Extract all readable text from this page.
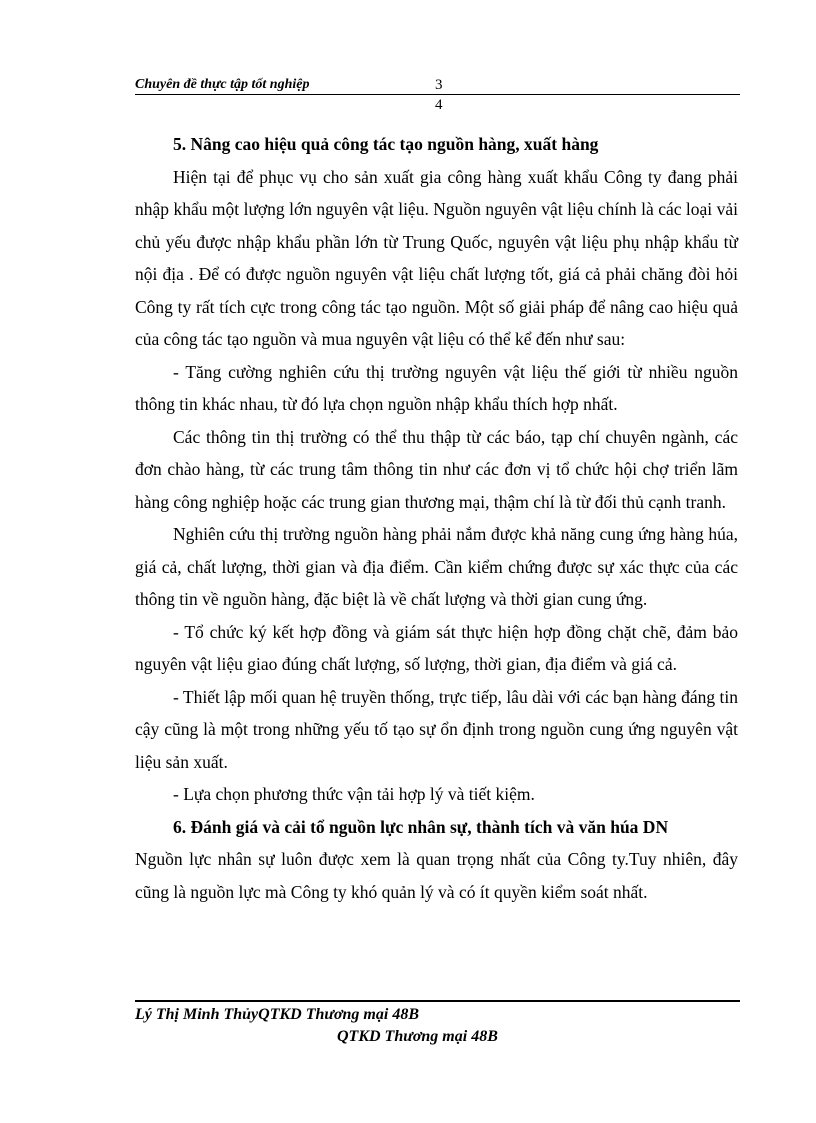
Chuyên đề thực tập tốt nghiệp	3
4

5. Nâng cao hiệu quả công tác tạo nguồn hàng, xuất hàng

Hiện tại để phục vụ cho sản xuất gia công hàng xuất khẩu Công ty đang phải nhập khẩu một lượng lớn nguyên vật liệu. Nguồn nguyên vật liệu chính là các loại vải chủ yếu được nhập khẩu phần lớn từ Trung Quốc, nguyên vật liệu phụ nhập khẩu từ nội địa . Để có được nguồn nguyên vật liệu chất lượng tốt, giá cả phải chăng đòi hỏi Công ty rất tích cực trong công tác tạo nguồn. Một số giải pháp để nâng cao hiệu quả của công tác tạo nguồn và mua nguyên vật liệu có thể kể đến như sau:

- Tăng cường nghiên cứu thị trường nguyên vật liệu thế giới từ nhiều nguồn thông tin khác nhau, từ đó lựa chọn nguồn nhập khẩu thích hợp nhất.

Các thông tin thị trường có thể thu thập từ các báo, tạp chí chuyên ngành, các đơn chào hàng, từ các trung tâm thông tin như các đơn vị tổ chức hội chợ triển lãm hàng công nghiệp hoặc các trung gian thương mại, thậm chí là từ đối thủ cạnh tranh.

Nghiên cứu thị trường nguồn hàng phải nắm được khả năng cung ứng hàng húa, giá cả, chất lượng, thời gian và địa điểm. Cần kiểm chứng được sự xác thực của các thông tin về nguồn hàng, đặc biệt là về chất lượng và thời gian cung ứng.

- Tổ chức ký kết hợp đồng và giám sát thực hiện hợp đồng chặt chẽ, đảm bảo nguyên vật liệu giao đúng chất lượng, số lượng, thời gian, địa điểm và giá cả.

- Thiết lập mối quan hệ truyền thống, trực tiếp, lâu dài với các bạn hàng đáng tin cậy cũng là một trong những yếu tố tạo sự ổn định trong nguồn cung ứng nguyên vật liệu sản xuất.

- Lựa chọn phương thức vận tải hợp lý và tiết kiệm.

6. Đánh giá và cải tổ nguồn lực nhân sự, thành tích và văn húa DN

Nguồn lực nhân sự luôn được xem là quan trọng nhất của Công ty.Tuy nhiên, đây cũng là nguồn lực mà Công ty khó quản lý và có ít quyền kiểm soát nhất.

Lý Thị Minh ThủyQTKD Thương mại 48B
QTKD Thương mại 48B
